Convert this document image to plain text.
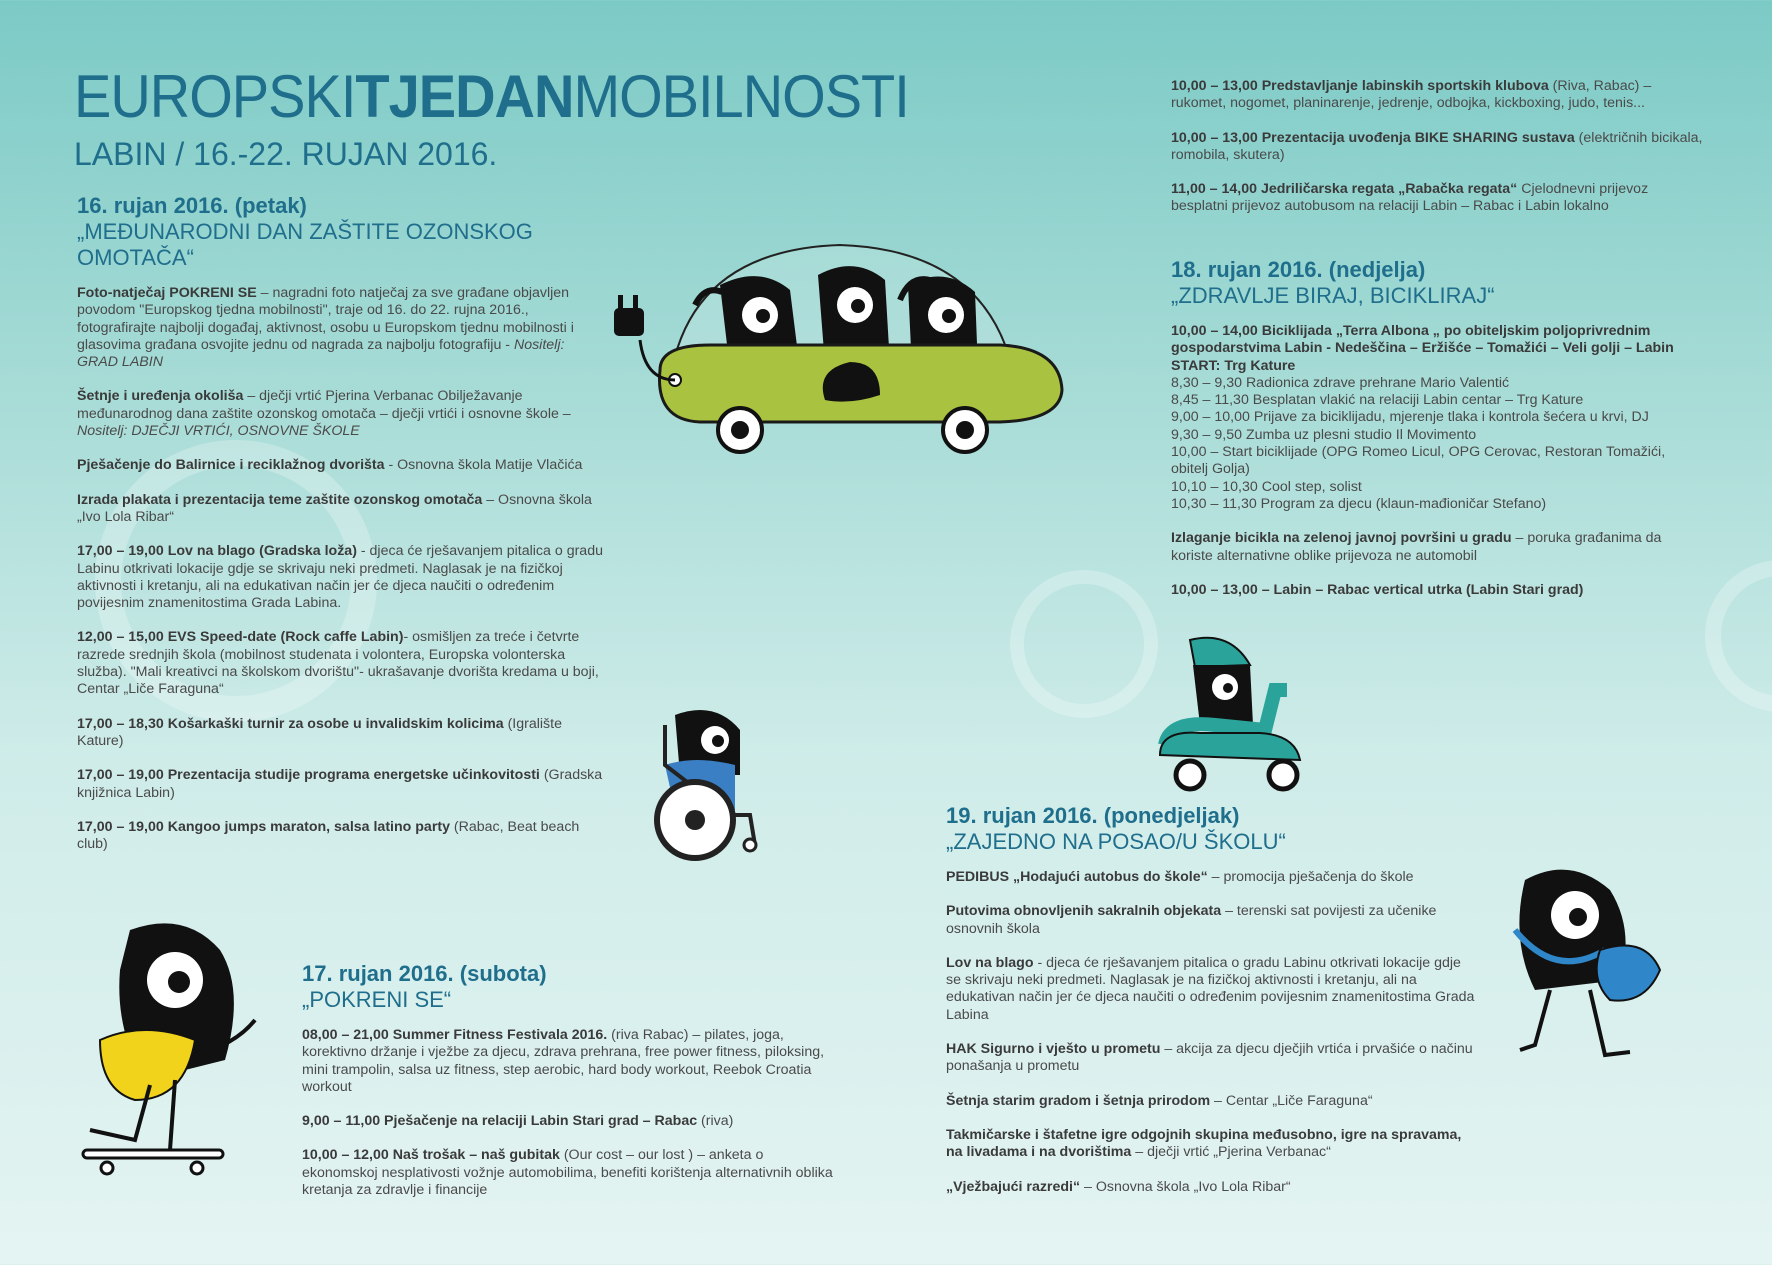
EUROPSKITJEDANMOBILNOSTI
LABIN / 16.-22. RUJAN 2016.
16. rujan 2016. (petak)
„MEĐUNARODNI DAN ZAŠTITE OZONSKOG OMOTAČA“

Foto-natječaj POKRENI SE – nagradni foto natječaj za sve građane objavljen povodom "Europskog tjedna mobilnosti", traje od 16. do 22. rujna 2016., fotografirajte najbolji događaj, aktivnost, osobu u Europskom tjednu mobilnosti i glasovima građana osvojite jednu od nagrada za najbolju fotografiju - Nositelj: GRAD LABIN

Šetnje i uređenja okoliša – dječji vrtić Pjerina Verbanac Obilježavanje međunarodnog dana zaštite ozonskog omotača – dječji vrtići i osnovne škole – Nositelj: DJEČJI VRTIĆI, OSNOVNE ŠKOLE

Pješačenje do Balirnice i reciklažnog dvorišta - Osnovna škola Matije Vlačića

Izrada plakata i prezentacija teme zaštite ozonskog omotača – Osnovna škola „Ivo Lola Ribar“

17,00 – 19,00 Lov na blago (Gradska loža) - djeca će rješavanjem pitalica o gradu Labinu otkrivati lokacije gdje se skrivaju neki predmeti. Naglasak je na fizičkoj aktivnosti i kretanju, ali na edukativan način jer će djeca naučiti o određenim povijesnim znamenitostima Grada Labina.

12,00 – 15,00 EVS Speed-date (Rock caffe Labin)- osmišljen za treće i četvrte razrede srednjih škola (mobilnost studenata i volontera, Europska volonterska služba). "Mali kreativci na školskom dvorištu"- ukrašavanje dvorišta kredama u boji, Centar „Liče Faraguna“

17,00 – 18,30 Košarkaški turnir za osobe u invalidskim kolicima (Igralište Kature)

17,00 – 19,00 Prezentacija studije programa energetske učinkovitosti (Gradska knjižnica Labin)

17,00 – 19,00 Kangoo jumps maraton, salsa latino party (Rabac, Beat beach club)

17. rujan 2016. (subota)
„POKRENI SE“

08,00 – 21,00 Summer Fitness Festivala 2016. (riva Rabac) – pilates, joga, korektivno držanje i vježbe za djecu, zdrava prehrana, free power fitness, piloksing, mini trampolin, salsa uz fitness, step aerobic, hard body workout, Reebok Croatia workout

9,00 – 11,00 Pješačenje na relaciji Labin Stari grad – Rabac (riva)

10,00 – 12,00 Naš trošak – naš gubitak (Our cost – our lost ) – anketa o ekonomskoj nesplativosti vožnje automobilima, benefiti korištenja alternativnih oblika kretanja za zdravlje i financije

10,00 – 13,00 Predstavljanje labinskih sportskih klubova (Riva, Rabac) – rukomet, nogomet, planinarenje, jedrenje, odbojka, kickboxing, judo, tenis...

10,00 – 13,00 Prezentacija uvođenja BIKE SHARING sustava (električnih bicikala, romobila, skutera)

11,00 – 14,00 Jedriličarska regata „Rabačka regata“ Cjelodnevni prijevoz besplatni prijevoz autobusom na relaciji Labin – Rabac i Labin lokalno

18. rujan 2016. (nedjelja)
„ZDRAVLJE BIRAJ, BICIKLIRAJ“

10,00 – 14,00 Biciklijada „Terra Albona „ po obiteljskim poljoprivrednim gospodarstvima Labin - Nedeščina – Eržišće – Tomažići – Veli golji – Labin
START: Trg Kature
8,30 – 9,30 Radionica zdrave prehrane Mario Valentić
8,45 – 11,30 Besplatan vlakić na relaciji Labin centar – Trg Kature
9,00 – 10,00 Prijave za biciklijadu, mjerenje tlaka i kontrola šećera u krvi, DJ
9,30 – 9,50 Zumba uz plesni studio Il Movimento
10,00 – Start biciklijade (OPG Romeo Licul, OPG Cerovac, Restoran Tomažići, obitelj Golja)
10,10 – 10,30 Cool step, solist
10,30 – 11,30 Program za djecu (klaun-mađioničar Stefano)

Izlaganje bicikla na zelenoj javnoj površini u gradu – poruka građanima da koriste alternativne oblike prijevoza ne automobil

10,00 – 13,00 – Labin – Rabac vertical utrka (Labin Stari grad)

19. rujan 2016. (ponedjeljak)
„ZAJEDNO NA POSAO/U ŠKOLU“

PEDIBUS „Hodajući autobus do škole“ – promocija pješačenja do škole

Putovima obnovljenih sakralnih objekata – terenski sat povijesti za učenike osnovnih škola

Lov na blago - djeca će rješavanjem pitalica o gradu Labinu otkrivati lokacije gdje se skrivaju neki predmeti. Naglasak je na fizičkoj aktivnosti i kretanju, ali na edukativan način jer će djeca naučiti o određenim povijesnim znamenitostima Grada Labina

HAK Sigurno i vješto u prometu – akcija za djecu dječjih vrtića i prvašiće o načinu ponašanja u prometu

Šetnja starim gradom i šetnja prirodom – Centar „Liče Faraguna“

Takmičarske i štafetne igre odgojnih skupina međusobno, igre na spravama, na livadama i na dvorištima – dječji vrtić „Pjerina Verbanac“

„Vježbajući razredi“ – Osnovna škola „Ivo Lola Ribar“
